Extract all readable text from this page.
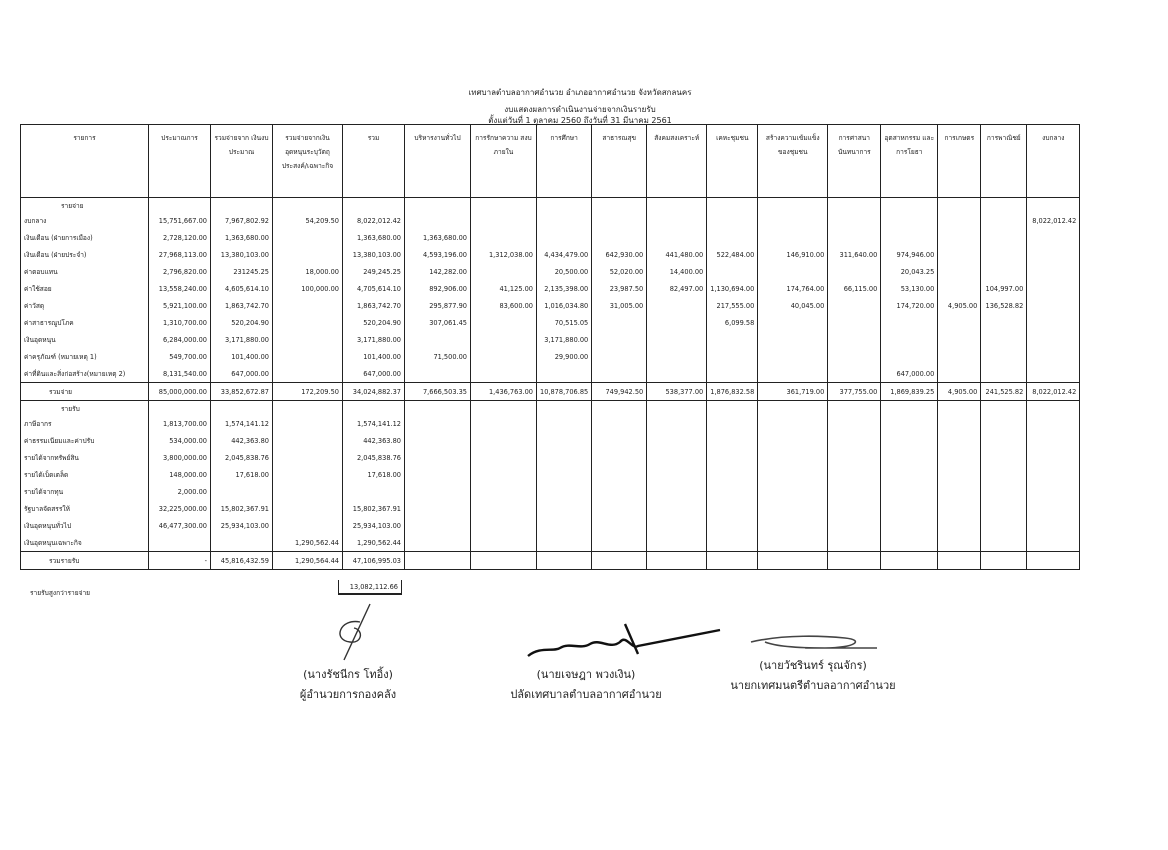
เทศบาลตำบลอากาศอำนวย อำเภออากาศอำนวย จังหวัดสกลนคร
งบแสดงผลการดำเนินงานจ่ายจากเงินรายรับ
ตั้งแต่วันที่ 1 ตุลาคม 2560 ถึงวันที่ 31 มีนาคม 2561
รายการ	ประมาณการ	รวมจ่ายจาก เงินงบประมาณ	รวมจ่ายจากเงิน อุดหนุนระบุวัตถุ ประสงค์/เฉพาะกิจ	รวม	บริหารงานทั่วไป	การรักษาความ สงบภายใน	การศึกษา	สาธารณสุข	สังคมสงเคราะห์	เคหะชุมชน	สร้างความเข้มแข็ง ของชุมชน	การศาสนา นันทนาการ	อุตสาหกรรม และการโยธา	การเกษตร	การพาณิชย์	งบกลาง
รายจ่าย																
งบกลาง	15,751,667.00	7,967,802.92	54,209.50	8,022,012.42												8,022,012.42
เงินเดือน (ฝ่ายการเมือง)	2,728,120.00	1,363,680.00		1,363,680.00	1,363,680.00											
เงินเดือน (ฝ่ายประจำ)	27,968,113.00	13,380,103.00		13,380,103.00	4,593,196.00	1,312,038.00	4,434,479.00	642,930.00	441,480.00	522,484.00	146,910.00	311,640.00	974,946.00			
ค่าตอบแทน	2,796,820.00	231245.25	18,000.00	249,245.25	142,282.00		20,500.00	52,020.00	14,400.00				20,043.25			
ค่าใช้สอย	13,558,240.00	4,605,614.10	100,000.00	4,705,614.10	892,906.00	41,125.00	2,135,398.00	23,987.50	82,497.00	1,130,694.00	174,764.00	66,115.00	53,130.00		104,997.00	
ค่าวัสดุ	5,921,100.00	1,863,742.70		1,863,742.70	295,877.90	83,600.00	1,016,034.80	31,005.00		217,555.00	40,045.00		174,720.00	4,905.00	136,528.82	
ค่าสาธารณูปโภค	1,310,700.00	520,204.90		520,204.90	307,061.45		70,515.05			6,099.58						
เงินอุดหนุน	6,284,000.00	3,171,880.00		3,171,880.00			3,171,880.00									
ค่าครุภัณฑ์ (หมายเหตุ 1)	549,700.00	101,400.00		101,400.00	71,500.00		29,900.00									
ค่าที่ดินและสิ่งก่อสร้าง(หมายเหตุ 2)	8,131,540.00	647,000.00		647,000.00									647,000.00			
รวมจ่าย	85,000,000.00	33,852,672.87	172,209.50	34,024,882.37	7,666,503.35	1,436,763.00	10,878,706.85	749,942.50	538,377.00	1,876,832.58	361,719.00	377,755.00	1,869,839.25	4,905.00	241,525.82	8,022,012.42
รายรับ																
ภาษีอากร	1,813,700.00	1,574,141.12		1,574,141.12												
ค่าธรรมเนียมและค่าปรับ	534,000.00	442,363.80		442,363.80												
รายได้จากทรัพย์สิน	3,800,000.00	2,045,838.76		2,045,838.76												
รายได้เบ็ดเตล็ด	148,000.00	17,618.00		17,618.00												
รายได้จากทุน	2,000.00															
รัฐบาลจัดสรรให้	32,225,000.00	15,802,367.91		15,802,367.91												
เงินอุดหนุนทั่วไป	46,477,300.00	25,934,103.00		25,934,103.00												
เงินอุดหนุนเฉพาะกิจ			1,290,562.44	1,290,562.44												
รวมรายรับ	-	45,816,432.59	1,290,564.44	47,106,995.03												
รายรับสูงกว่ารายจ่าย
13,082,112.66
(นางรัชนีกร โทอิ้ง)
ผู้อำนวยการกองคลัง
(นายเจษฎา พวงเงิน)
ปลัดเทศบาลตำบลอากาศอำนวย
(นายวัชรินทร์ รุณจักร)
นายกเทศมนตรีตำบลอากาศอำนวย
